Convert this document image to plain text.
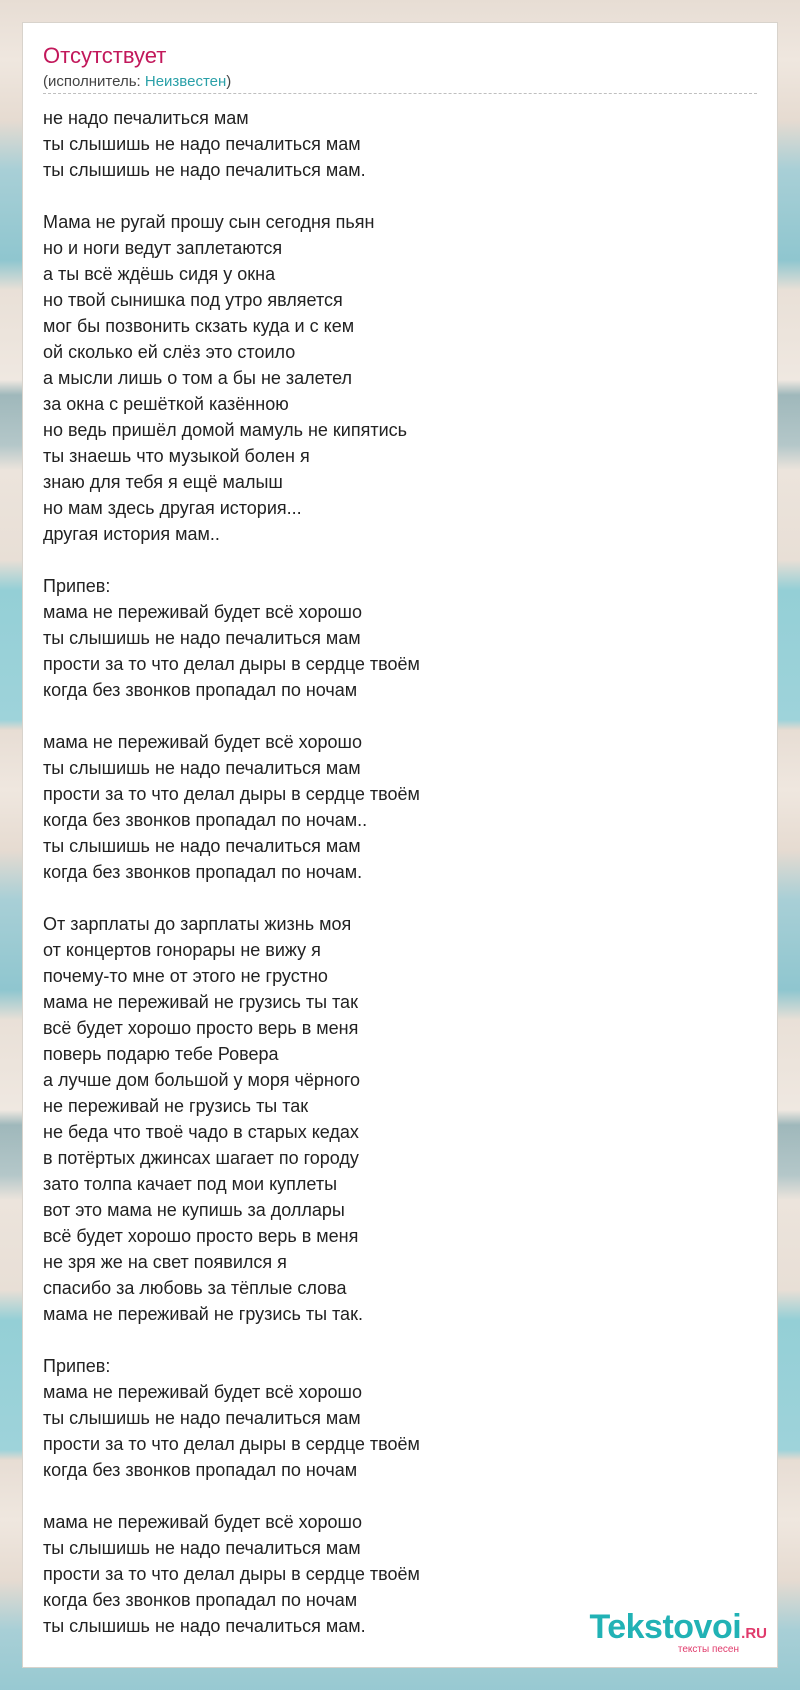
Отсутствует
(исполнитель: Неизвестен)
не надо печалиться мам
ты слышишь не надо печалиться мам
ты слышишь не надо печалиться мам.
Мама не ругай прошу сын сегодня пьян
но и ноги ведут заплетаются
а ты всё ждёшь сидя у окна
но твой сынишка под утро является
мог бы позвонить скзать куда и с кем
ой сколько ей слёз это стоило
а мысли лишь о том а бы не залетел
за окна с решёткой казённою
но ведь пришёл домой мамуль не кипятись
ты знаешь что музыкой болен я
знаю для тебя я ещё малыш
но мам здесь другая история...
другая история мам..
Припев:
мама не переживай будет всё хорошо
ты слышишь не надо печалиться мам
прости за то что делал дыры в сердце твоём
когда без звонков пропадал по ночам
мама не переживай будет всё хорошо
ты слышишь не надо печалиться мам
прости за то что делал дыры в сердце твоём
когда без звонков пропадал по ночам..
ты слышишь не надо печалиться мам
когда без звонков пропадал по ночам.
От зарплаты до зарплаты жизнь моя
от концертов гонорары не вижу я
почему-то мне от этого не грустно
мама не переживай не грузись ты так
всё будет хорошо просто верь в меня
поверь подарю тебе Ровера
а лучше дом большой у моря чёрного
не переживай не грузись ты так
не беда что твоё чадо в старых кедах
в потёртых джинсах шагает по городу
зато толпа качает под мои куплеты
вот это мама не купишь за доллары
всё будет хорошо просто верь в меня
не зря же на свет появился я
спасибо за любовь за тёплые слова
мама не переживай не грузись ты так.
Припев:
мама не переживай будет всё хорошо
ты слышишь не надо печалиться мам
прости за то что делал дыры в сердце твоём
когда без звонков пропадал по ночам
мама не переживай будет всё хорошо
ты слышишь не надо печалиться мам
прости за то что делал дыры в сердце твоём
когда без звонков пропадал по ночам
ты слышишь не надо печалиться мам.	Tekstovoi.RU
тексты песен
